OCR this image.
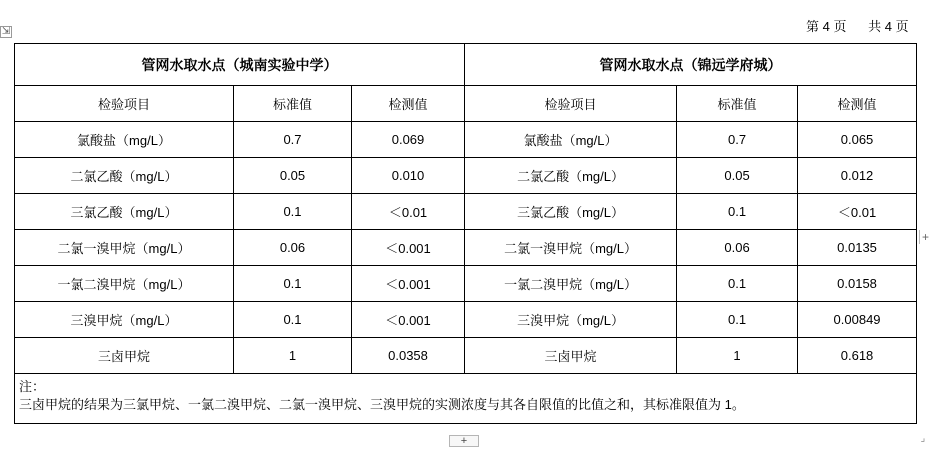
第 4 页      共 4 页
⇲
管网水取水点（城南实验中学）			管网水取水点（锦远学府城）		
检验项目	标准值	检测值	检验项目	标准值	检测值
氯酸盐（mg/L）	0.7	0.069	氯酸盐（mg/L）	0.7	0.065
二氯乙酸（mg/L）	0.05	0.010	二氯乙酸（mg/L）	0.05	0.012
三氯乙酸（mg/L）	0.1	＜0.01	三氯乙酸（mg/L）	0.1	＜0.01
二氯一溴甲烷（mg/L）	0.06	＜0.001	二氯一溴甲烷（mg/L）	0.06	0.0135
一氯二溴甲烷（mg/L）	0.1	＜0.001	一氯二溴甲烷（mg/L）	0.1	0.0158
三溴甲烷（mg/L）	0.1	＜0.001	三溴甲烷（mg/L）	0.1	0.00849
三卤甲烷	1	0.0358	三卤甲烷	1	0.618

注：
三卤甲烷的结果为三氯甲烷、一氯二溴甲烷、二氯一溴甲烷、三溴甲烷的实测浓度与其各自限值的比值之和，其标准限值为 1。					
+
+	⌟
